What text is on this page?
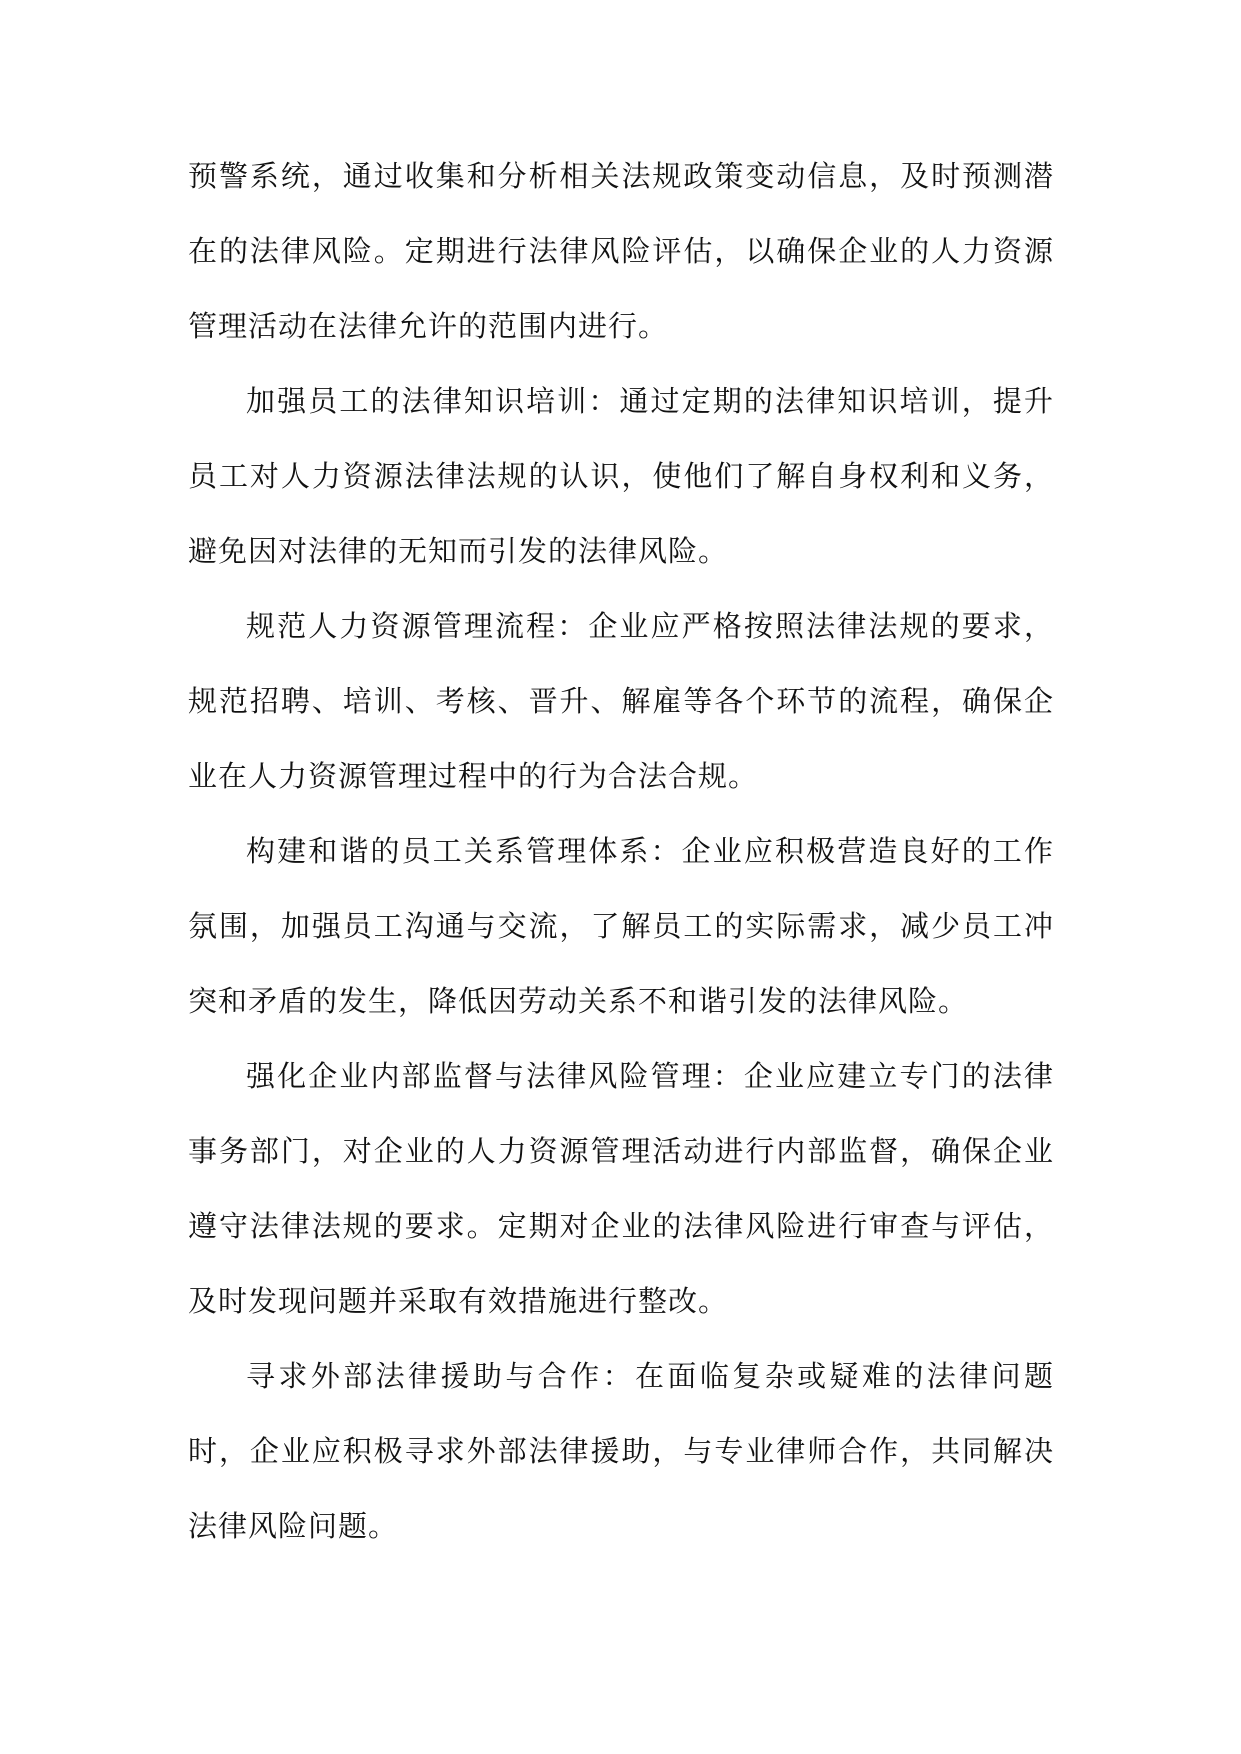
预警系统，通过收集和分析相关法规政策变动信息，及时预测潜在的法律风险。定期进行法律风险评估，以确保企业的人力资源管理活动在法律允许的范围内进行。

加强员工的法律知识培训：通过定期的法律知识培训，提升员工对人力资源法律法规的认识，使他们了解自身权利和义务，避免因对法律的无知而引发的法律风险。

规范人力资源管理流程：企业应严格按照法律法规的要求，规范招聘、培训、考核、晋升、解雇等各个环节的流程，确保企业在人力资源管理过程中的行为合法合规。

构建和谐的员工关系管理体系：企业应积极营造良好的工作氛围，加强员工沟通与交流，了解员工的实际需求，减少员工冲突和矛盾的发生，降低因劳动关系不和谐引发的法律风险。

强化企业内部监督与法律风险管理：企业应建立专门的法律事务部门，对企业的人力资源管理活动进行内部监督，确保企业遵守法律法规的要求。定期对企业的法律风险进行审查与评估，及时发现问题并采取有效措施进行整改。

寻求外部法律援助与合作：在面临复杂或疑难的法律问题时，企业应积极寻求外部法律援助，与专业律师合作，共同解决法律风险问题。
